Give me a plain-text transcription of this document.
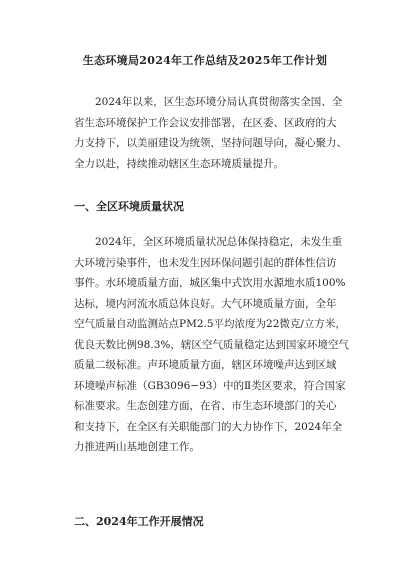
生态环境局2024年工作总结及2025年工作计划
2024年以来，区生态环境分局认真贯彻落实全国、全
省生态环境保护工作会议安排部署，在区委、区政府的大
力支持下，以美丽建设为统领，坚持问题导向，凝心聚力、
全力以赴，持续推动辖区生态环境质量提升。
一、全区环境质量状况
2024年，全区环境质量状况总体保持稳定，未发生重
大环境污染事件，也未发生因环保问题引起的群体性信访
事件。水环境质量方面，城区集中式饮用水源地水质100%
达标，境内河流水质总体良好。大气环境质量方面，全年
空气质量自动监测站点PM2.5平均浓度为22微克/立方米，
优良天数比例98.3%，辖区空气质量稳定达到国家环境空气
质量二级标准。声环境质量方面，辖区环境噪声达到区域
环境噪声标准（GB3096−93）中的Ⅱ类区要求，符合国家
标准要求。生态创建方面，在省、市生态环境部门的关心
和支持下，在全区有关职能部门的大力协作下，2024年全
力推进两山基地创建工作。
二、2024年工作开展情况
